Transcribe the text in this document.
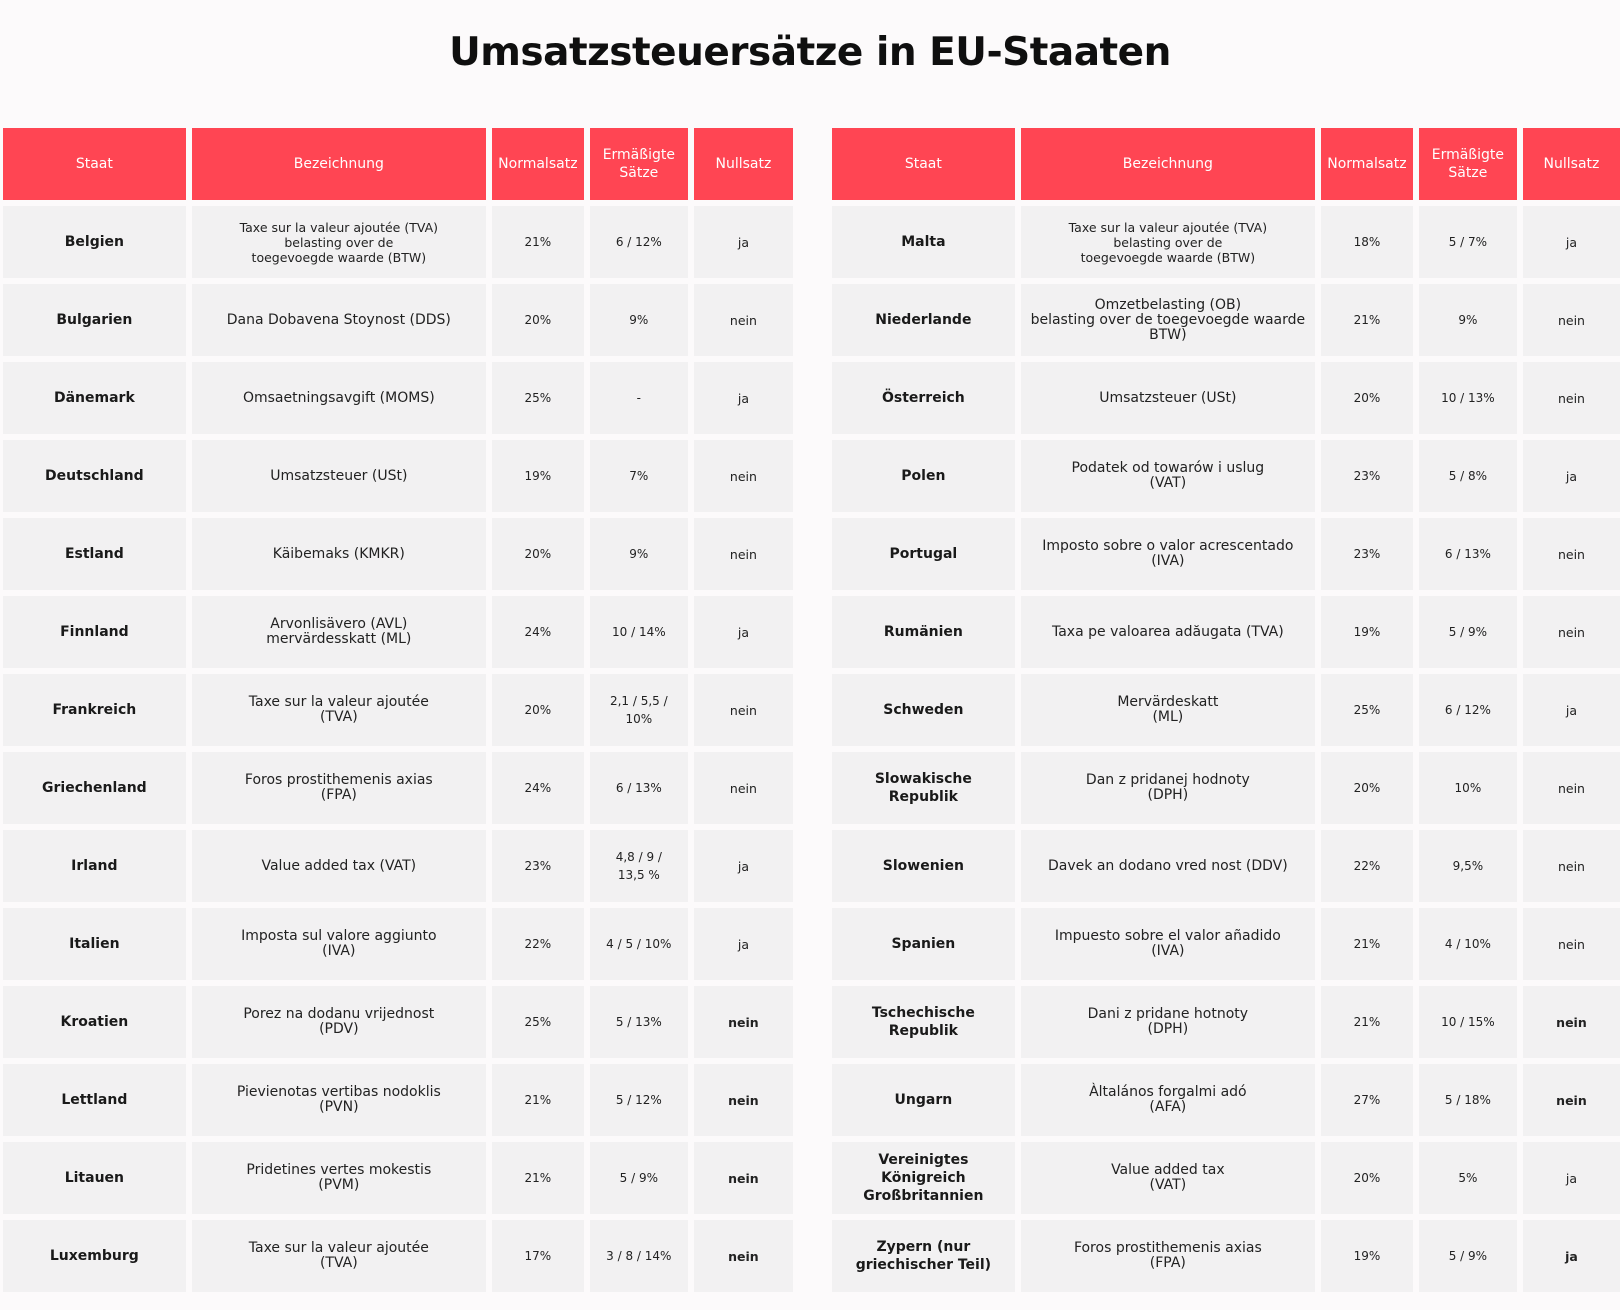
Umsatzsteuersätze in EU-Staaten
Staat	Bezeichnung	Normalsatz	Ermäßigte
Sätze	Nullsatz
Belgien	Taxe sur la valeur ajoutée (TVA)
belasting over de
toegevoegde waarde (BTW)	21%	6 / 12%	ja
Bulgarien	Dana Dobavena Stoynost (DDS)	20%	9%	nein
Dänemark	Omsaetningsavgift (MOMS)	25%	-	ja
Deutschland	Umsatzsteuer (USt)	19%	7%	nein
Estland	Käibemaks (KMKR)	20%	9%	nein
Finnland	Arvonlisävero (AVL)
mervärdesskatt (ML)	24%	10 / 14%	ja
Frankreich	Taxe sur la valeur ajoutée
(TVA)	20%	2,1 / 5,5 /
10%	nein
Griechenland	Foros prostithemenis axias
(FPA)	24%	6 / 13%	nein
Irland	Value added tax (VAT)	23%	4,8 / 9 /
13,5 %	ja
Italien	Imposta sul valore aggiunto
(IVA)	22%	4 / 5 / 10%	ja
Kroatien	Porez na dodanu vrijednost
(PDV)	25%	5 / 13%	nein
Lettland	Pievienotas vertibas nodoklis
(PVN)	21%	5 / 12%	nein
Litauen	Pridetines vertes mokestis
(PVM)	21%	5 / 9%	nein
Luxemburg	Taxe sur la valeur ajoutée
(TVA)	17%	3 / 8 / 14%	nein
Staat	Bezeichnung	Normalsatz	Ermäßigte
Sätze	Nullsatz
Malta	Taxe sur la valeur ajoutée (TVA)
belasting over de
toegevoegde waarde (BTW)	18%	5 / 7%	ja
Niederlande	Omzetbelasting (OB)
belasting over de toegevoegde waarde
BTW)	21%	9%	nein
Österreich	Umsatzsteuer (USt)	20%	10 / 13%	nein
Polen	Podatek od towarów i uslug
(VAT)	23%	5 / 8%	ja
Portugal	Imposto sobre o valor acrescentado
(IVA)	23%	6 / 13%	nein
Rumänien	Taxa pe valoarea adăugata (TVA)	19%	5 / 9%	nein
Schweden	Mervärdeskatt
(ML)	25%	6 / 12%	ja
Slowakische
Republik	Dan z pridanej hodnoty
(DPH)	20%	10%	nein
Slowenien	Davek an dodano vred nost (DDV)	22%	9,5%	nein
Spanien	Impuesto sobre el valor añadido
(IVA)	21%	4 / 10%	nein
Tschechische
Republik	Dani z pridane hotnoty
(DPH)	21%	10 / 15%	nein
Ungarn	Àltalános forgalmi adó
(AFA)	27%	5 / 18%	nein
Vereinigtes Königreich
Großbritannien	Value added tax
(VAT)	20%	5%	ja
Zypern (nur
griechischer Teil)	Foros prostithemenis axias
(FPA)	19%	5 / 9%	ja
